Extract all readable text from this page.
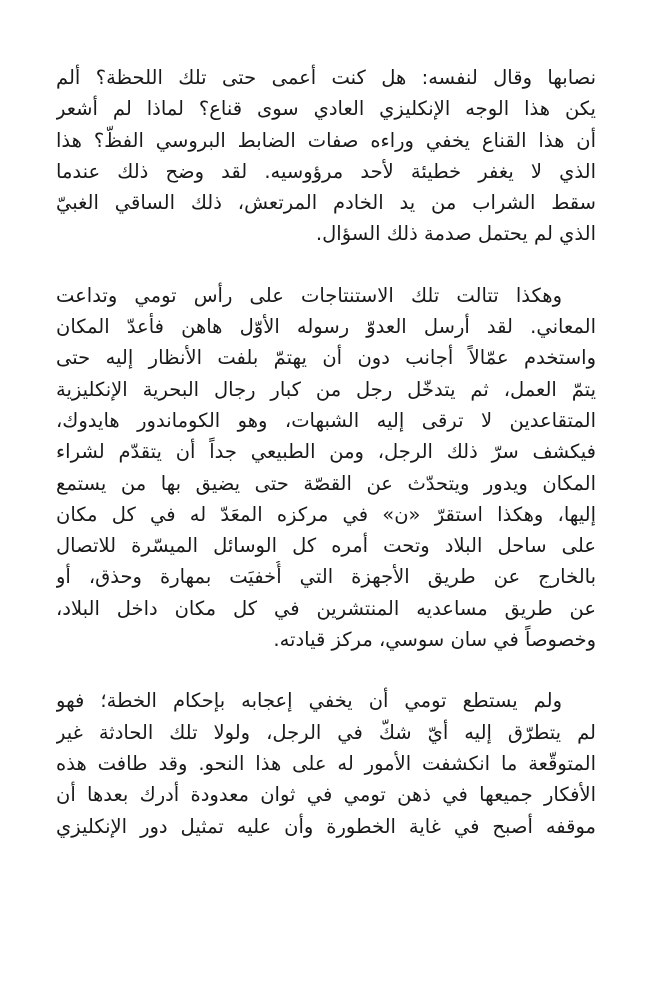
نصابها وقال لنفسه: هل كنت أعمى حتى تلك اللحظة؟ ألم
يكن هذا الوجه الإنكليزي العادي سوى قناع؟ لماذا لم أشعر
أن هذا القناع يخفي وراءه صفات الضابط البروسي الفظّ؟ هذا
الذي لا يغفر خطيئة لأحد مرؤوسيه. لقد وضح ذلك عندما
سقط الشراب من يد الخادم المرتعش، ذلك الساقي الغبيّ
الذي لم يحتمل صدمة ذلك السؤال.

وهكذا تتالت تلك الاستنتاجات على رأس تومي وتداعت
المعاني. لقد أرسل العدوّ رسوله الأوّل هاهن فأعدّ المكان
واستخدم عمّالاً أجانب دون أن يهتمّ بلفت الأنظار إليه حتى
يتمّ العمل، ثم يتدخّل رجل من كبار رجال البحرية الإنكليزية
المتقاعدين لا ترقى إليه الشبهات، وهو الكوماندور هايدوك،
فيكشف سرّ ذلك الرجل، ومن الطبيعي جداً أن يتقدّم لشراء
المكان ويدور ويتحدّث عن القصّة حتى يضيق بها من يستمع
إليها، وهكذا استقرّ «ن» في مركزه المعَدّ له في كل مكان
على ساحل البلاد وتحت أمره كل الوسائل الميسّرة للاتصال
بالخارج عن طريق الأجهزة التي أُخفيَت بمهارة وحذق، أو
عن طريق مساعديه المنتشرين في كل مكان داخل البلاد،
وخصوصاً في سان سوسي، مركز قيادته.

ولم يستطع تومي أن يخفي إعجابه بإحكام الخطة؛ فهو
لم يتطرّق إليه أيّ شكّ في الرجل، ولولا تلك الحادثة غير
المتوقّعة ما انكشفت الأمور له على هذا النحو. وقد طافت هذه
الأفكار جميعها في ذهن تومي في ثوان معدودة أدرك بعدها أن
موقفه أصبح في غاية الخطورة وأن عليه تمثيل دور الإنكليزي
